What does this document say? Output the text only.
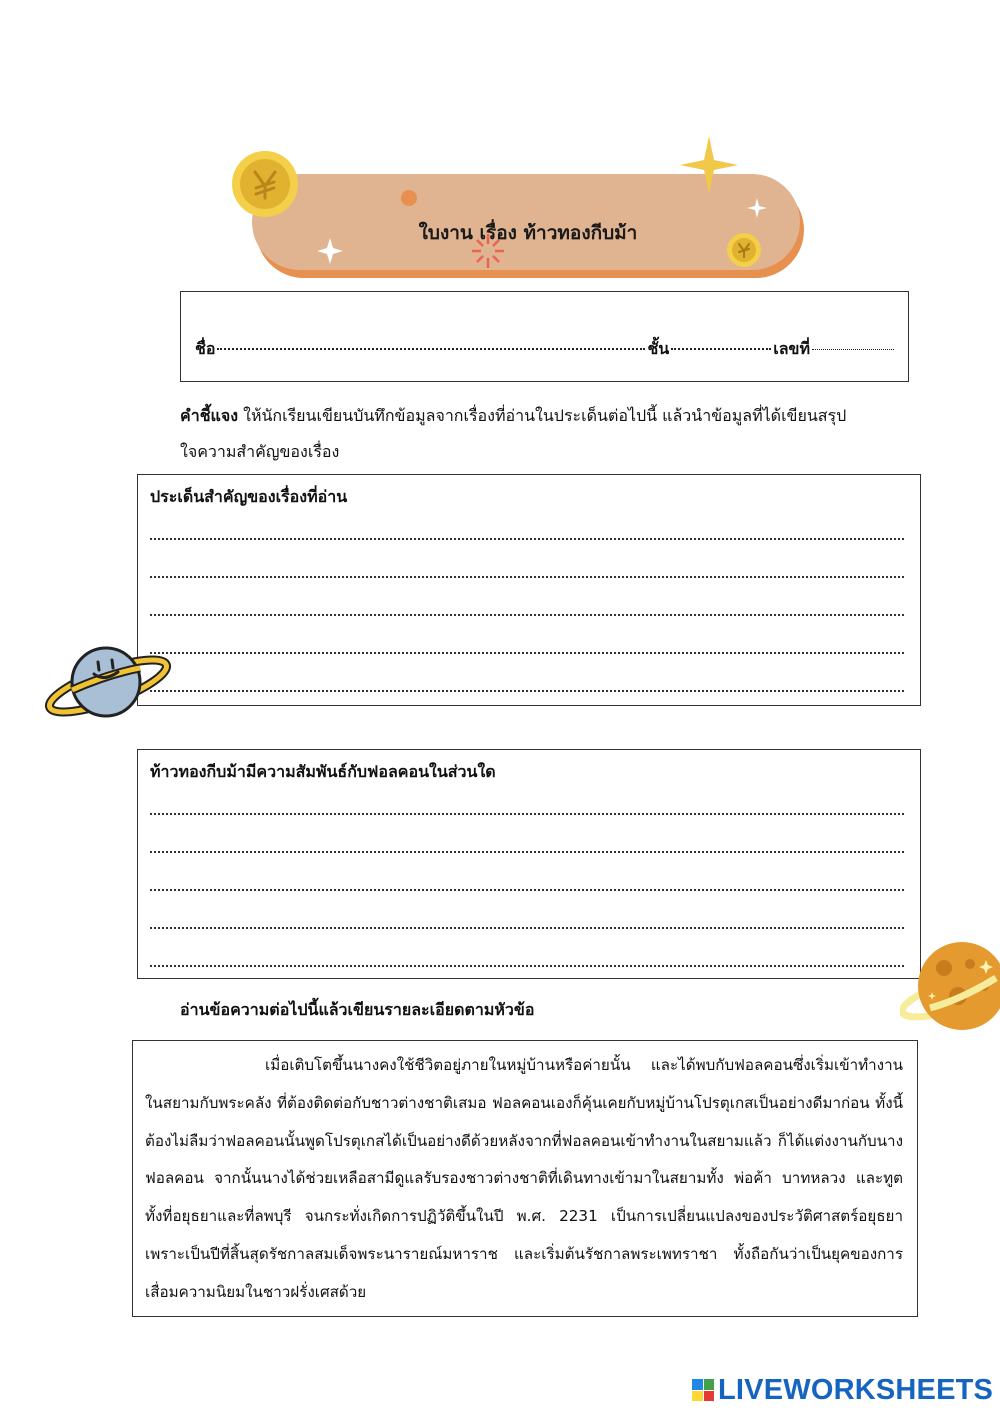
ใบงาน เรื่อง ท้าวทองกีบม้า
ชื่อ	ชั้น	เลขที่
คำชี้แจง ให้นักเรียนเขียนบันทึกข้อมูลจากเรื่องที่อ่านในประเด็นต่อไปนี้ แล้วนำข้อมูลที่ได้เขียนสรุป
ใจความสำคัญของเรื่อง
ประเด็นสำคัญของเรื่องที่อ่าน
ท้าวทองกีบม้ามีความสัมพันธ์กับฟอลคอนในส่วนใด
อ่านข้อความต่อไปนี้แล้วเขียนรายละเอียดตามหัวข้อ
เมื่อเติบโตขึ้นนางคงใช้ชีวิตอยู่ภายในหมู่บ้านหรือค่ายนั้น และได้พบกับฟอลคอนซึ่งเริ่มเข้าทำงานในสยามกับพระคลัง ที่ต้องติดต่อกับชาวต่างชาติเสมอ ฟอลคอนเองก็คุ้นเคยกับหมู่บ้านโปรตุเกสเป็นอย่างดีมาก่อน ทั้งนี้ต้องไม่ลืมว่าฟอลคอนนั้นพูดโปรตุเกสได้เป็นอย่างดีด้วยหลังจากที่ฟอลคอนเข้าทำงานในสยามแล้ว ก็ได้แต่งงานกับนางฟอลคอน จากนั้นนางได้ช่วยเหลือสามีดูแลรับรองชาวต่างชาติที่เดินทางเข้ามาในสยามทั้ง พ่อค้า บาทหลวง และทูต ทั้งที่อยุธยาและที่ลพบุรี จนกระทั่งเกิดการปฏิวัติขึ้นในปี พ.ศ. 2231 เป็นการเปลี่ยนแปลงของประวัติศาสตร์อยุธยา เพราะเป็นปีที่สิ้นสุดรัชกาลสมเด็จพระนารายณ์มหาราช และเริ่มต้นรัชกาลพระเพทราชา ทั้งถือกันว่าเป็นยุคของการเสื่อมความนิยมในชาวฝรั่งเศสด้วย
LIVEWORKSHEETS
